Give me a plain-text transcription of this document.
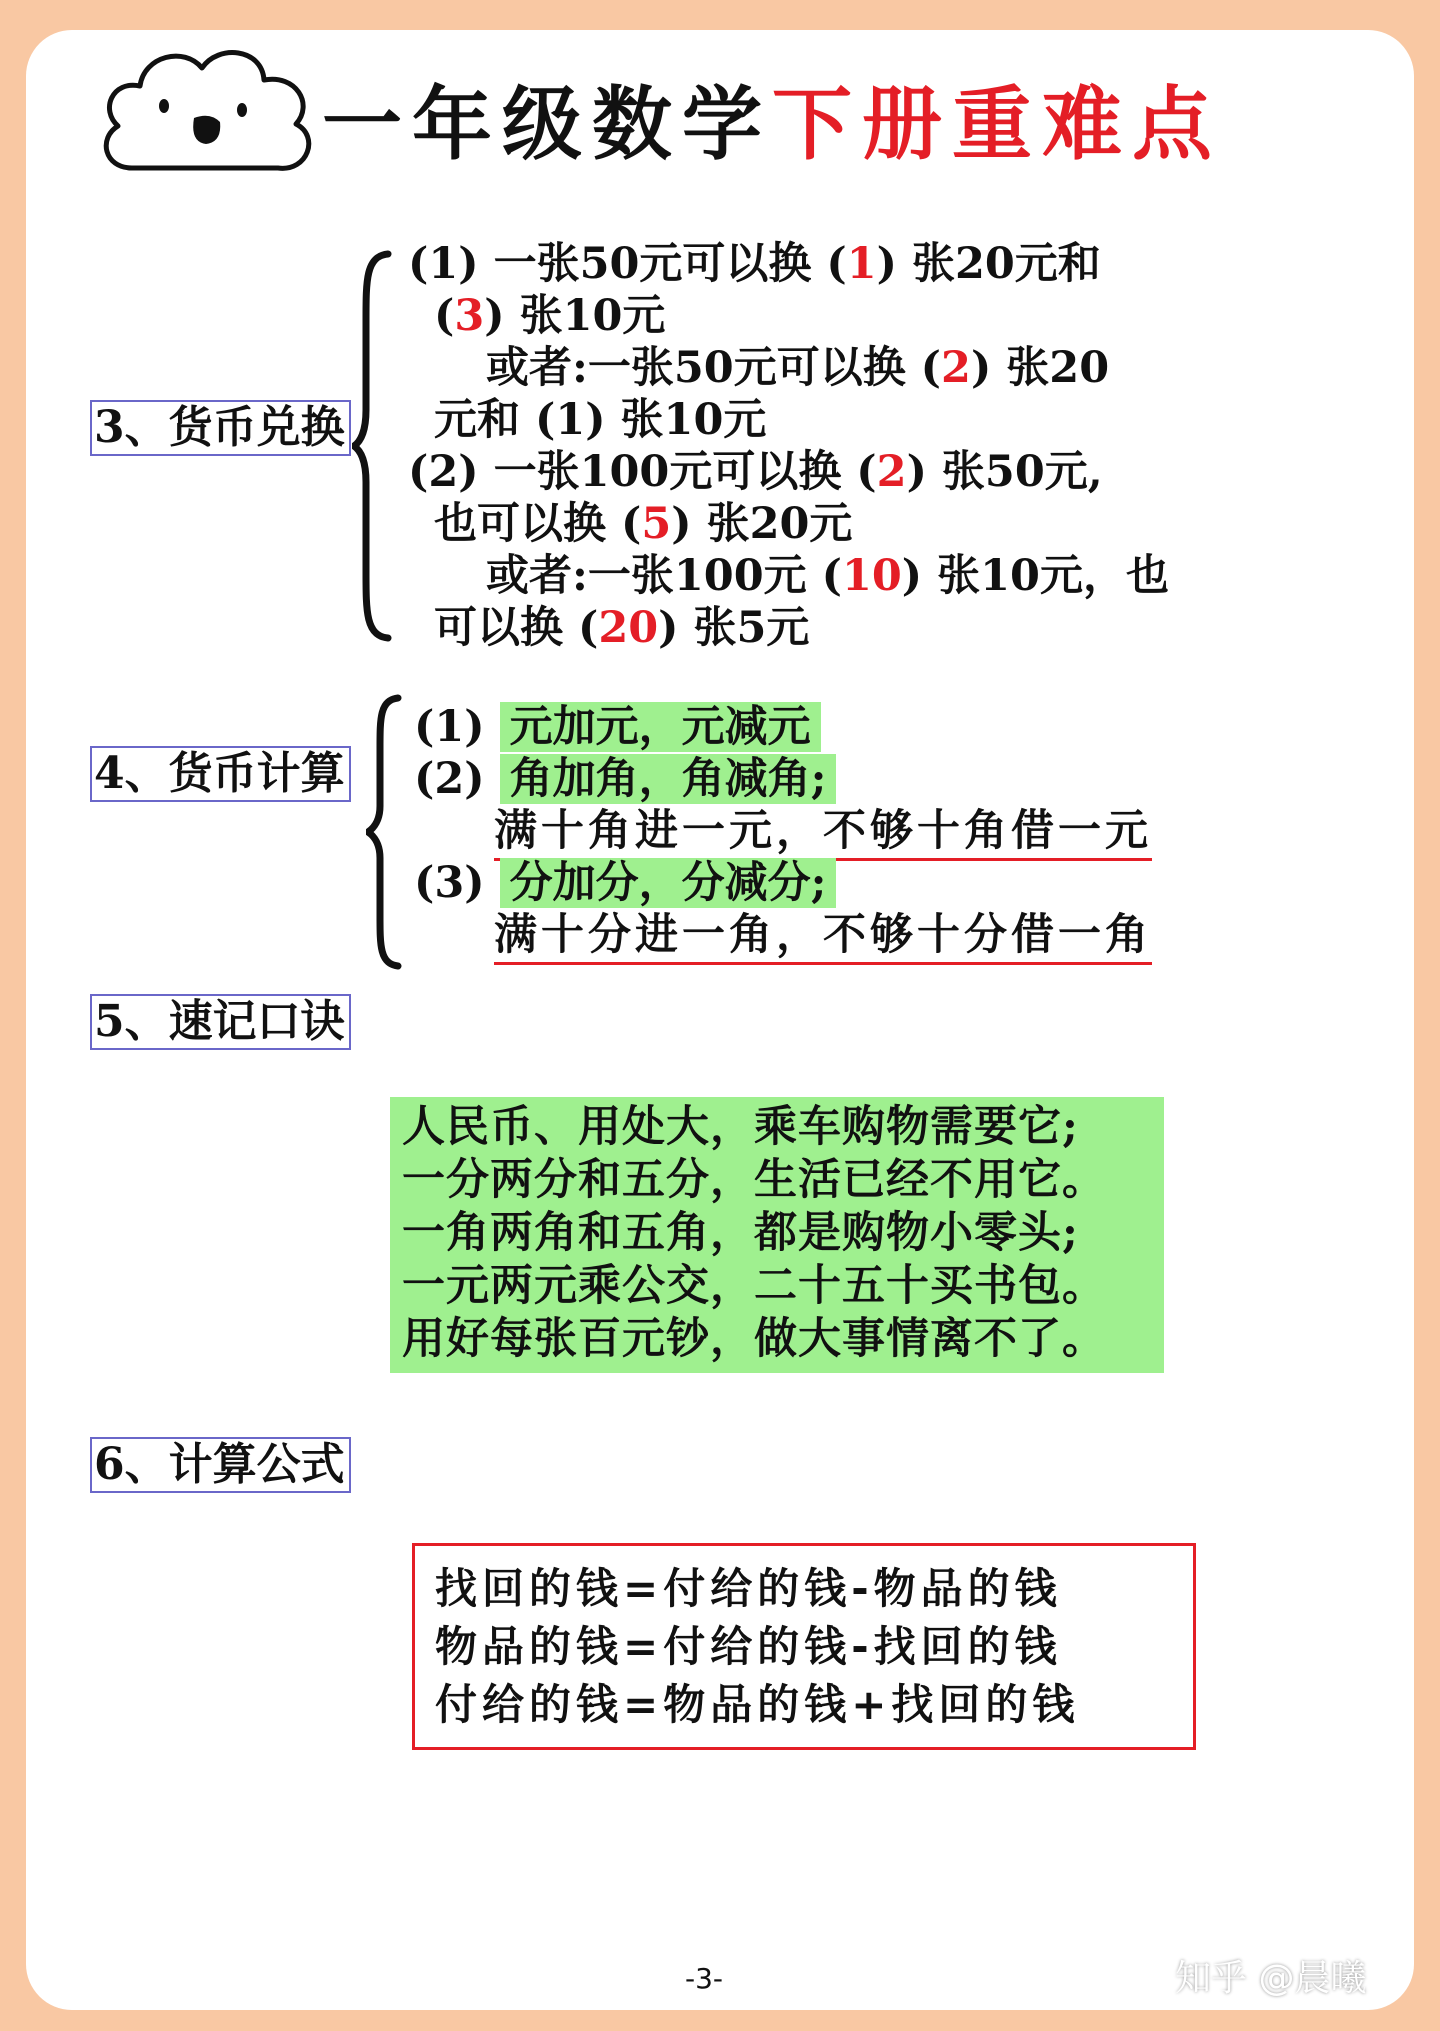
一年级数学下册重难点
3、货币兑换
(1) 一张50元可以换 (1) 张20元和
(3) 张10元
或者:一张50元可以换 (2) 张20
元和 (1) 张10元
(2) 一张100元可以换 (2) 张50元,
也可以换 (5) 张20元
或者:一张100元 (10) 张10元，也
可以换 (20) 张5元
4、货币计算
(1) 元加元，元减元
(2) 角加角，角减角;
满十角进一元，不够十角借一元
(3) 分加分，分减分;
满十分进一角，不够十分借一角
5、速记口诀
人民币、用处大，乘车购物需要它;
一分两分和五分，生活已经不用它。
一角两角和五角，都是购物小零头;
一元两元乘公交，二十五十买书包。
用好每张百元钞，做大事情离不了。
6、计算公式
找回的钱=付给的钱-物品的钱
物品的钱=付给的钱-找回的钱
付给的钱=物品的钱+找回的钱
-3-	知乎 @晨曦
